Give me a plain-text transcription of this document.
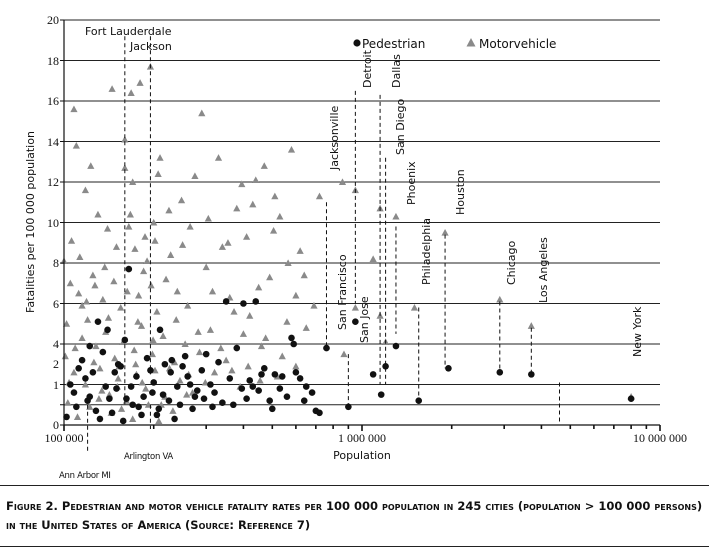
0
1
2
4
6
8
10
12
14
16
18
20
100 000	1 000 000	10 000 000
Population
Fatalities per 100 000 population
Pedestrian	Motorvehicle
Fort Lauderdale
Jackson
Detroit Dallas
San Diego
Jacksonville
Phoenix	Houston
Philadelphia	Chicago Los Angeles
San Francisco San Jose	New York
Ann Arbor MI
Arlington VA
Figure 2. Pedestrian and motor vehicle fatality rates per 100 000 population in 245 cities (population > 100 000 persons) in the United States of America (Source: Reference 7)
